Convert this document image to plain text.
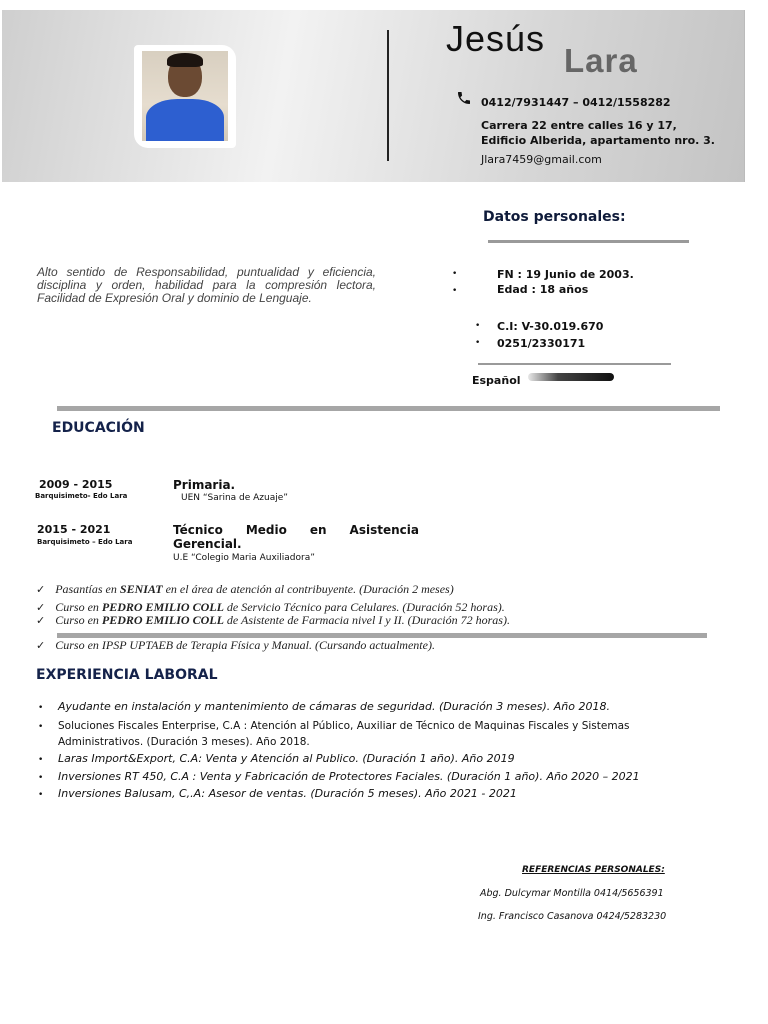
Jesús
Lara
0412/7931447 – 0412/1558282
Carrera 22 entre calles 16 y 17, Edificio Alberida, apartamento nro. 3.
Jlara7459@gmail.com
Datos personales:
Alto sentido de Responsabilidad, puntualidad y eficiencia, disciplina y orden, habilidad para la compresión lectora, Facilidad de Expresión Oral y dominio de Lenguaje.
•	FN : 19 Junio de 2003.
•	Edad : 18 años
• C.I: V-30.019.670
• 0251/2330171
Español
EDUCACIÓN
2009 - 2015
Barquisimeto- Edo Lara
Primaria.
UEN “Sarina de Azuaje”
2015 - 2021
Barquisimeto – Edo Lara
Técnico Medio en Asistencia
Gerencial.
U.E “Colegio Maria Auxiliadora”
✓ Pasantías en SENIAT en el área de atención al contribuyente. (Duración 2 meses)
✓ Curso en PEDRO EMILIO COLL de Servicio Técnico para Celulares. (Duración 52 horas).
✓ Curso en PEDRO EMILIO COLL de Asistente de Farmacia nivel I y II. (Duración 72 horas).
✓ Curso en IPSP UPTAEB de Terapia Física y Manual. (Cursando actualmente).
EXPERIENCIA LABORAL
• Ayudante en instalación y mantenimiento de cámaras de seguridad. (Duración 3 meses). Año 2018.
• Soluciones Fiscales Enterprise, C.A : Atención al Público, Auxiliar de Técnico de Maquinas Fiscales y Sistemas Administrativos. (Duración 3 meses). Año 2018.
• Laras Import&Export, C.A: Venta y Atención al Publico. (Duración 1 año). Año 2019
• Inversiones RT 450, C.A : Venta y Fabricación de Protectores Faciales. (Duración 1 año). Año 2020 – 2021
• Inversiones Balusam, C,.A: Asesor de ventas. (Duración 5 meses). Año 2021 - 2021
REFERENCIAS PERSONALES:
Abg. Dulcymar Montilla 0414/5656391
Ing. Francisco Casanova 0424/5283230
